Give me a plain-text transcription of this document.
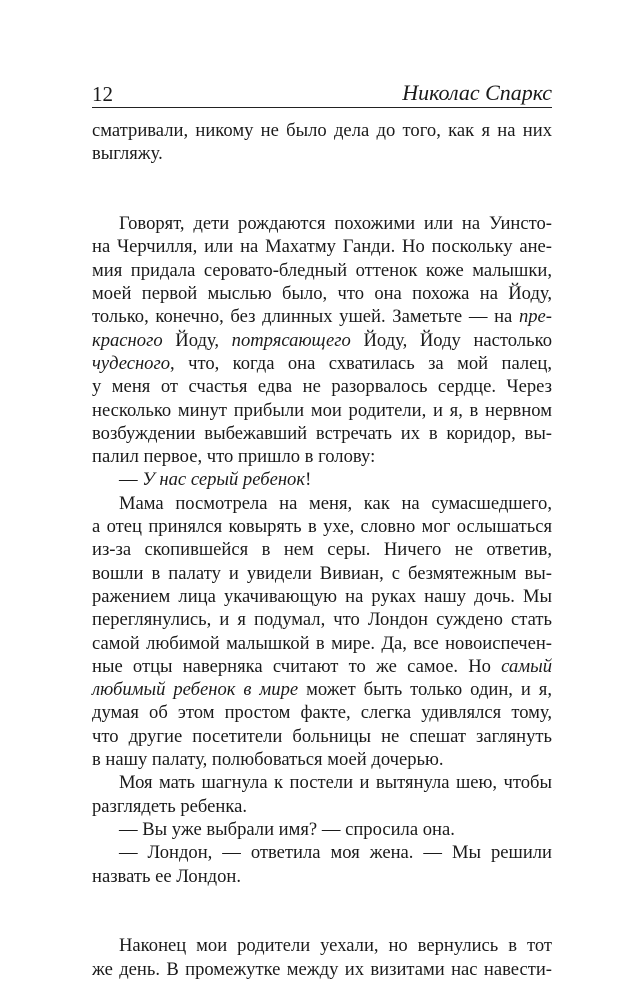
12	Николас Спаркс
сматривали, никому не было дела до того, как я на них
выгляжу.
Говорят, дети рождаются похожими или на Уинсто-
на Черчилля, или на Махатму Ганди. Но поскольку ане-
мия придала серовато-бледный оттенок коже малышки,
моей первой мыслью было, что она похожа на Йоду,
только, конечно, без длинных ушей. Заметьте — на пре-
красного Йоду, потрясающего Йоду, Йоду настолько
чудесного, что, когда она схватилась за мой палец,
у меня от счастья едва не разорвалось сердце. Через
несколько минут прибыли мои родители, и я, в нервном
возбуждении выбежавший встречать их в коридор, вы-
палил первое, что пришло в голову:
— У нас серый ребенок!
Мама посмотрела на меня, как на сумасшедшего,
а отец принялся ковырять в ухе, словно мог ослышаться
из-за скопившейся в нем серы. Ничего не ответив,
вошли в палату и увидели Вивиан, с безмятежным вы-
ражением лица укачивающую на руках нашу дочь. Мы
переглянулись, и я подумал, что Лондон суждено стать
самой любимой малышкой в мире. Да, все новоиспечен-
ные отцы наверняка считают то же самое. Но самый
любимый ребенок в мире может быть только один, и я,
думая об этом простом факте, слегка удивлялся тому,
что другие посетители больницы не спешат заглянуть
в нашу палату, полюбоваться моей дочерью.
Моя мать шагнула к постели и вытянула шею, чтобы
разглядеть ребенка.
— Вы уже выбрали имя? — спросила она.
— Лондон, — ответила моя жена. — Мы решили
назвать ее Лондон.
Наконец мои родители уехали, но вернулись в тот
же день. В промежутке между их визитами нас навести-
